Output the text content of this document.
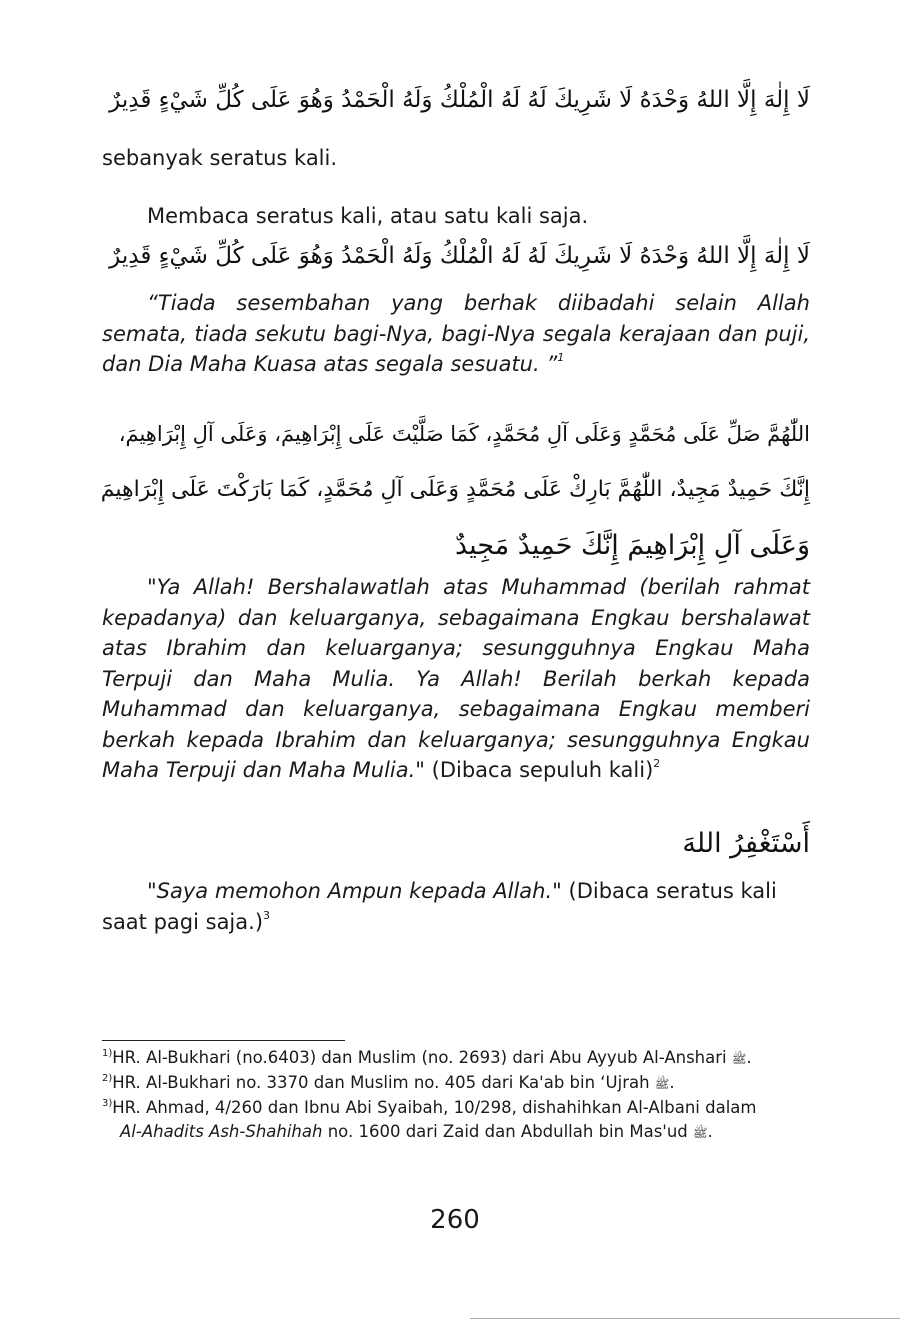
لَا إِلٰهَ إِلَّا اللهُ وَحْدَهُ لَا شَرِيكَ لَهُ لَهُ الْمُلْكُ وَلَهُ الْحَمْدُ وَهُوَ عَلَى كُلِّ شَيْءٍ قَدِيرٌ
sebanyak seratus kali.
Membaca seratus kali, atau satu kali saja.
لَا إِلٰهَ إِلَّا اللهُ وَحْدَهُ لَا شَرِيكَ لَهُ لَهُ الْمُلْكُ وَلَهُ الْحَمْدُ وَهُوَ عَلَى كُلِّ شَيْءٍ قَدِيرٌ
“Tiada sesembahan yang berhak diibadahi selain Allah semata, tiada sekutu bagi-Nya, bagi-Nya segala kerajaan dan puji, dan Dia Maha Kuasa atas segala sesuatu. ”$^1$
اللّٰهُمَّ صَلِّ عَلَى مُحَمَّدٍ وَعَلَى آلِ مُحَمَّدٍ، كَمَا صَلَّيْتَ عَلَى إِبْرَاهِيمَ، وَعَلَى آلِ إِبْرَاهِيمَ،
إِنَّكَ حَمِيدٌ مَجِيدٌ، اللّٰهُمَّ بَارِكْ عَلَى مُحَمَّدٍ وَعَلَى آلِ مُحَمَّدٍ، كَمَا بَارَكْتَ عَلَى إِبْرَاهِيمَ
وَعَلَى آلِ إِبْرَاهِيمَ إِنَّكَ حَمِيدٌ مَجِيدٌ
"Ya Allah! Bershalawatlah atas Muhammad (berilah rahmat kepadanya) dan keluarganya, sebagaimana Engkau bershalawat atas Ibrahim dan keluarganya; sesungguhnya Engkau Maha Terpuji dan Maha Mulia. Ya Allah! Berilah berkah kepada Muhammad dan keluarganya, sebagaimana Engkau memberi berkah kepada Ibrahim dan keluarganya; sesungguhnya Engkau Maha Terpuji dan Maha Mulia." (Dibaca sepuluh kali)$^2$
أَسْتَغْفِرُ اللهَ
"Saya memohon Ampun kepada Allah." (Dibaca seratus kali saat pagi saja.)$^3$
$^{1)}$HR. Al-Bukhari (no.6403) dan Muslim (no. 2693) dari Abu Ayyub Al-Anshari ﷺ.
$^{2)}$HR. Al-Bukhari no. 3370 dan Muslim no. 405 dari Ka'ab bin ‘Ujrah ﷺ.
$^{3)}$HR. Ahmad, 4/260 dan Ibnu Abi Syaibah, 10/298, dishahihkan Al-Albani dalam
Al-Ahadits Ash-Shahihah no. 1600 dari Zaid dan Abdullah bin Mas'ud ﷺ.
260
